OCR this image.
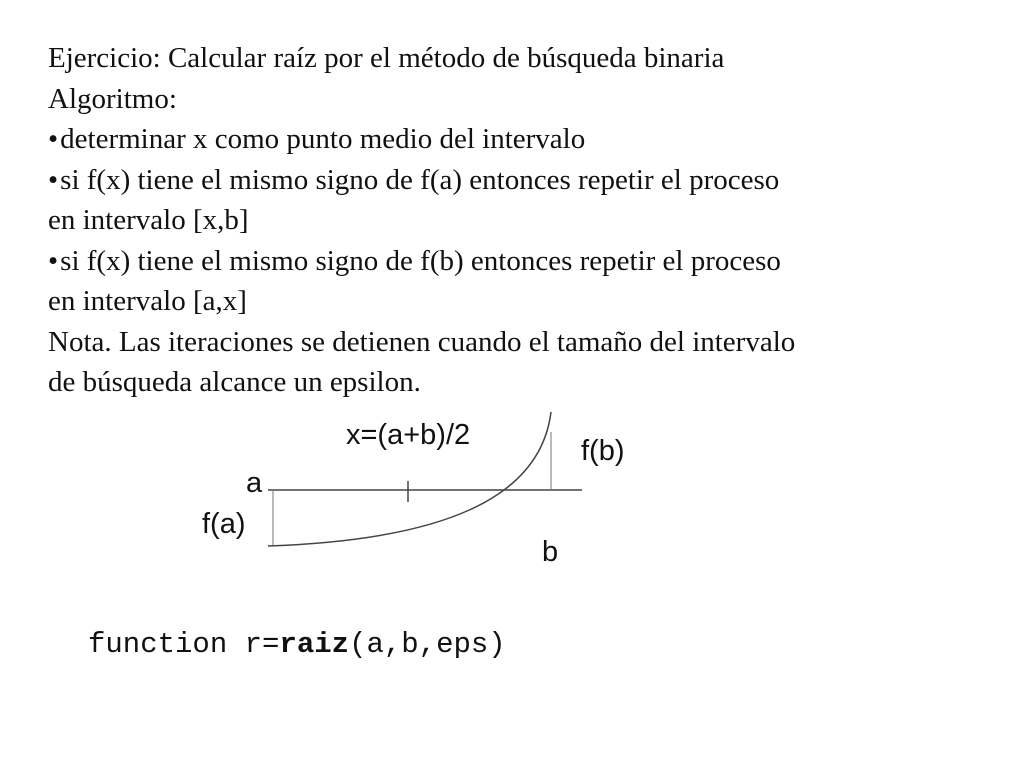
Ejercicio: Calcular raíz por el método de búsqueda binaria
Algoritmo:
•determinar x como punto medio del intervalo
•si f(x) tiene el mismo signo de f(a) entonces repetir el proceso
en intervalo [x,b]
•si f(x) tiene el mismo signo de f(b) entonces repetir el proceso
en intervalo [a,x]
Nota. Las iteraciones se detienen cuando el tamaño del intervalo
de búsqueda alcance un epsilon.
x=(a+b)/2	f(b)
a
f(a)
b
function r=raiz(a,b,eps)
